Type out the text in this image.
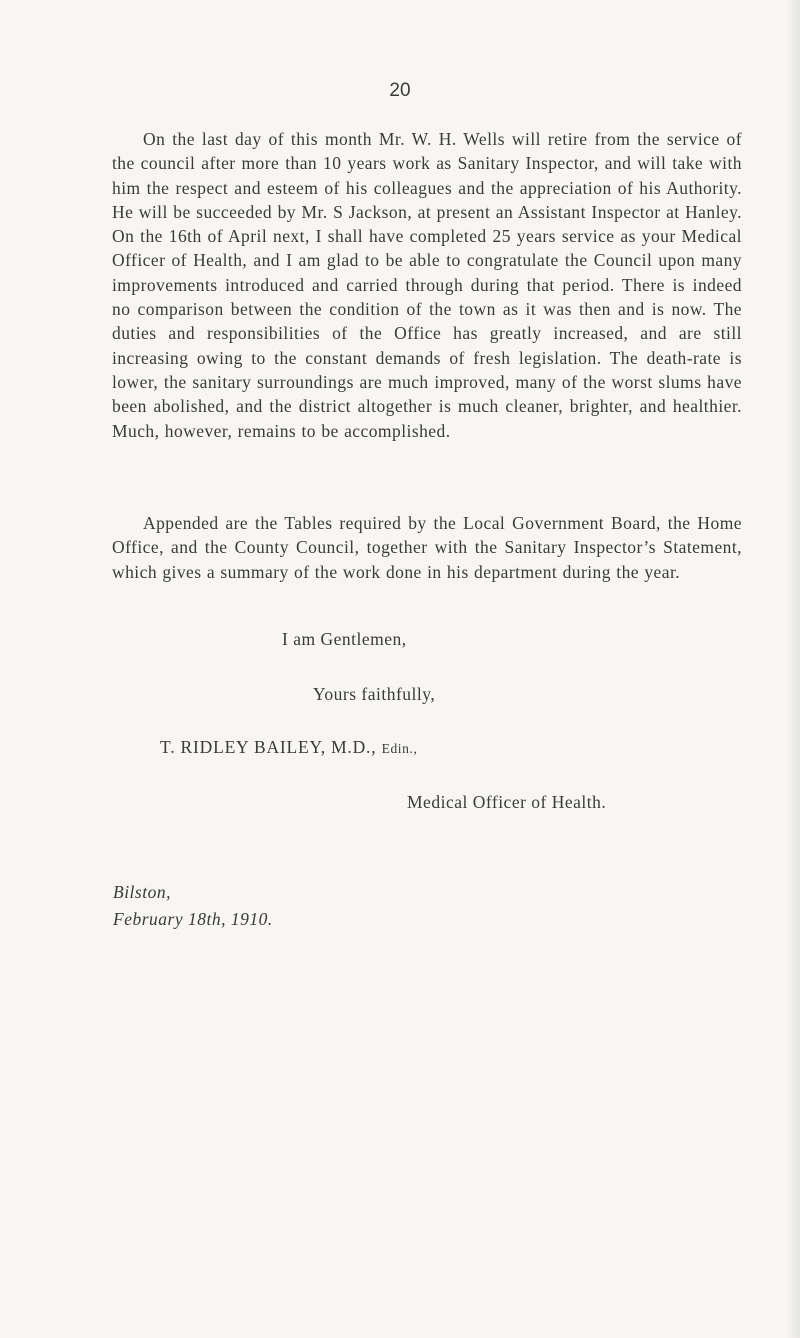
20

On the last day of this month Mr. W. H. Wells will retire from the service of the council after more than 10 years work as Sanitary Inspector, and will take with him the respect and esteem of his colleagues and the appreciation of his Authority. He will be succeeded by Mr. S Jackson, at present an Assistant Inspector at Hanley. On the 16th of April next, I shall have completed 25 years service as your Medical Officer of Health, and I am glad to be able to congratulate the Council upon many improvements introduced and carried through during that period. There is indeed no comparison between the condition of the town as it was then and is now. The duties and responsibilities of the Office has greatly increased, and are still increasing owing to the constant demands of fresh legislation. The death-rate is lower, the sanitary surroundings are much improved, many of the worst slums have been abolished, and the district altogether is much cleaner, brighter, and healthier. Much, however, remains to be accomplished.

Appended are the Tables required by the Local Government Board, the Home Office, and the County Council, together with the Sanitary Inspector’s Statement, which gives a summary of the work done in his department during the year.

I am Gentlemen,
Yours faithfully,
T. RIDLEY BAILEY, M.D., Edin.,
Medical Officer of Health.
Bilston,
February 18th, 1910.
